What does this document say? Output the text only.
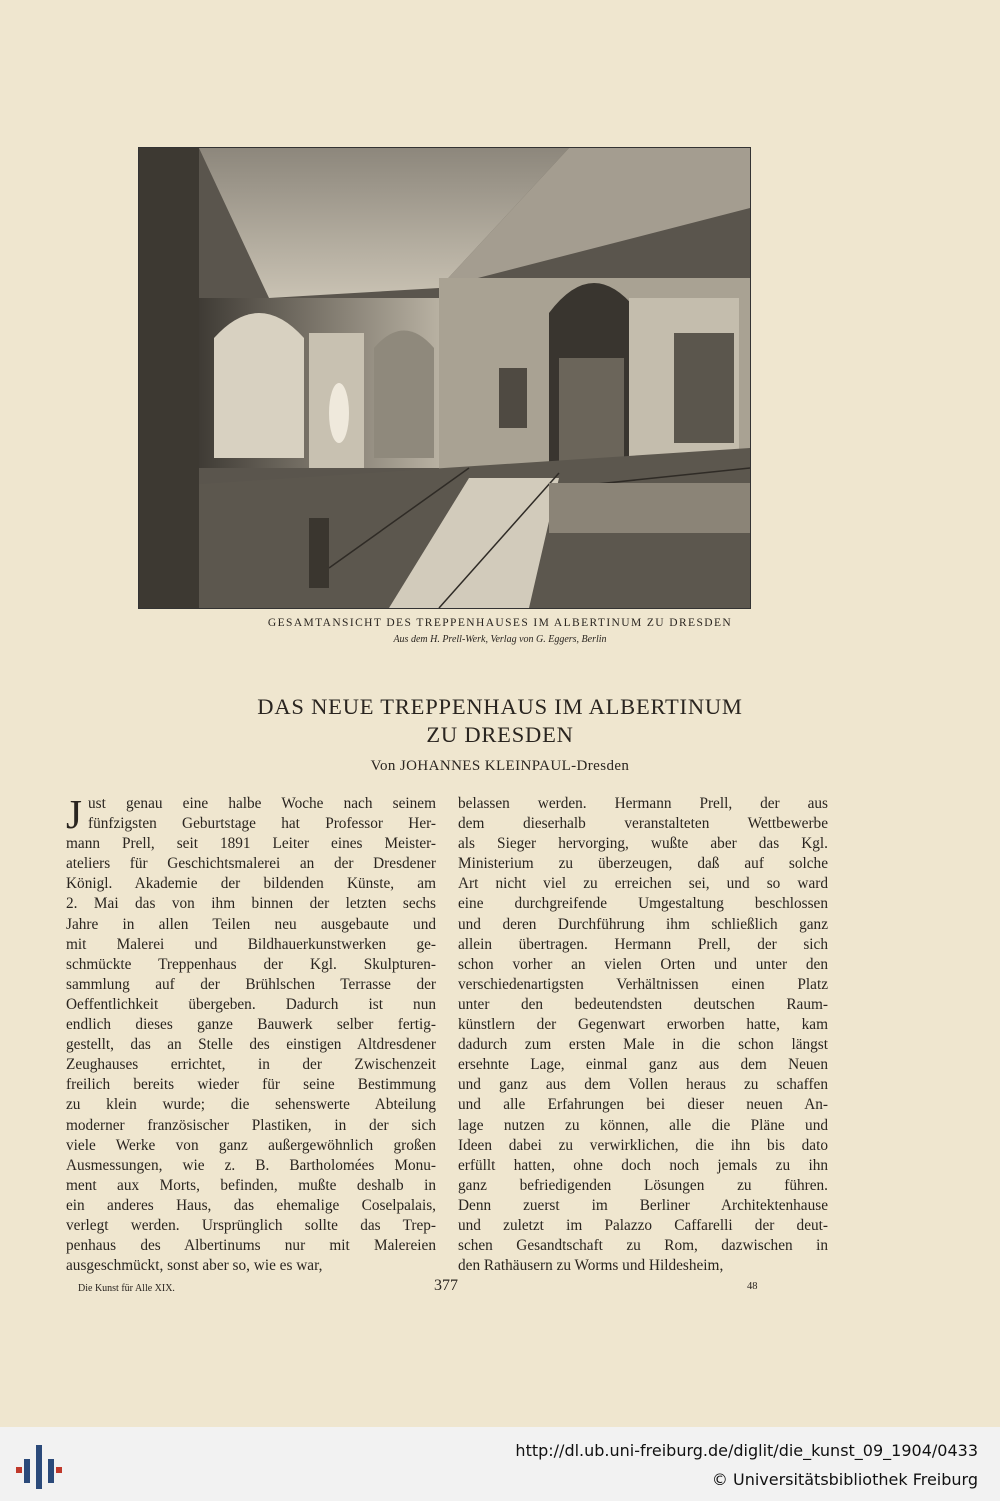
GESAMTANSICHT DES TREPPENHAUSES IM ALBERTINUM ZU DRESDEN
Aus dem H. Prell-Werk, Verlag von G. Eggers, Berlin
DAS NEUE TREPPENHAUS IM ALBERTINUM
ZU DRESDEN
Von JOHANNES KLEINPAUL-Dresden
J ust genau eine halbe Woche nach seinem
fünfzigsten Geburtstage hat Professor Her-
mann Prell, seit 1891 Leiter eines Meister-
ateliers für Geschichtsmalerei an der Dresdener
Königl. Akademie der bildenden Künste, am
2. Mai das von ihm binnen der letzten sechs
Jahre in allen Teilen neu ausgebaute und
mit Malerei und Bildhauerkunstwerken ge-
schmückte Treppenhaus der Kgl. Skulpturen-
sammlung auf der Brühlschen Terrasse der
Oeffentlichkeit übergeben. Dadurch ist nun
endlich dieses ganze Bauwerk selber fertig-
gestellt, das an Stelle des einstigen Altdresdener
Zeughauses errichtet, in der Zwischenzeit
freilich bereits wieder für seine Bestimmung
zu klein wurde; die sehenswerte Abteilung
moderner französischer Plastiken, in der sich
viele Werke von ganz außergewöhnlich großen
Ausmessungen, wie z. B. Bartholomées Monu-
ment aux Morts, befinden, mußte deshalb in
ein anderes Haus, das ehemalige Coselpalais,
verlegt werden. Ursprünglich sollte das Trep-
penhaus des Albertinums nur mit Malereien
ausgeschmückt, sonst aber so, wie es war,
belassen werden. Hermann Prell, der aus
dem dieserhalb veranstalteten Wettbewerbe
als Sieger hervorging, wußte aber das Kgl.
Ministerium zu überzeugen, daß auf solche
Art nicht viel zu erreichen sei, und so ward
eine durchgreifende Umgestaltung beschlossen
und deren Durchführung ihm schließlich ganz
allein übertragen. Hermann Prell, der sich
schon vorher an vielen Orten und unter den
verschiedenartigsten Verhältnissen einen Platz
unter den bedeutendsten deutschen Raum-
künstlern der Gegenwart erworben hatte, kam
dadurch zum ersten Male in die schon längst
ersehnte Lage, einmal ganz aus dem Neuen
und ganz aus dem Vollen heraus zu schaffen
und alle Erfahrungen bei dieser neuen An-
lage nutzen zu können, alle die Pläne und
Ideen dabei zu verwirklichen, die ihn bis dato
erfüllt hatten, ohne doch noch jemals zu ihn
ganz befriedigenden Lösungen zu führen.
Denn zuerst im Berliner Architektenhause
und zuletzt im Palazzo Caffarelli der deut-
schen Gesandtschaft zu Rom, dazwischen in
den Rathäusern zu Worms und Hildesheim,
Die Kunst für Alle XIX.	377	48
http://dl.ub.uni-freiburg.de/diglit/die_kunst_09_1904/0433
© Universitätsbibliothek Freiburg
